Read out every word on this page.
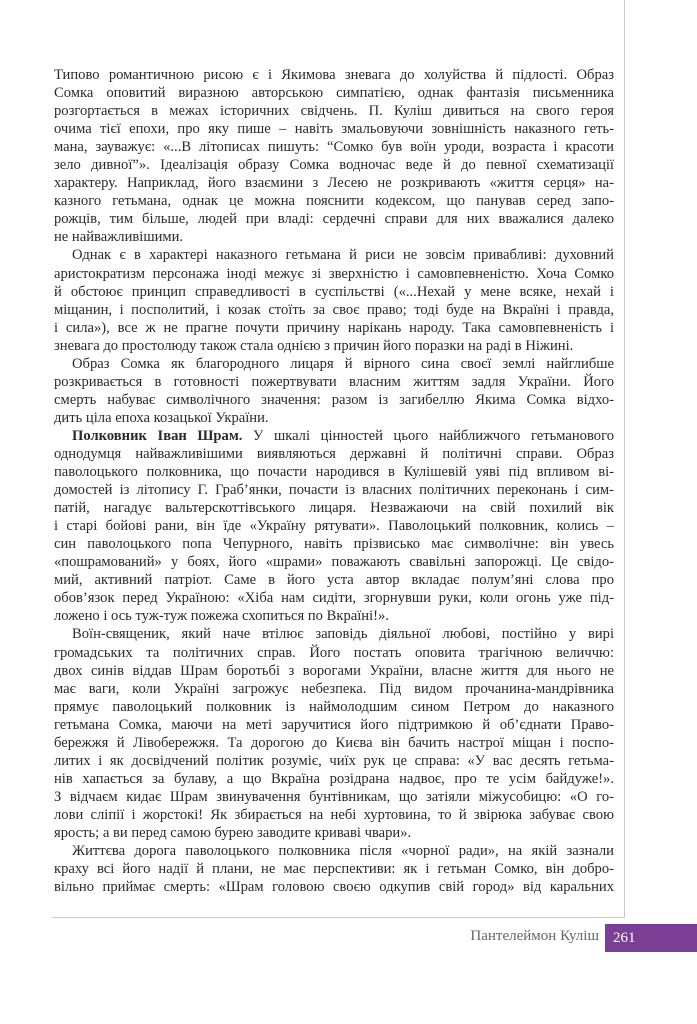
Типово романтичною рисою є і Якимова зневага до холуйства й підлості. Образ
Сомка оповитий виразною авторською симпатією, однак фантазія письменника
розгортається в межах історичних свідчень. П. Куліш дивиться на свого героя
очима тієї епохи, про яку пише – навіть змальовуючи зовнішність наказного геть-
мана, зауважує: «...В літописах пишуть: “Сомко був воїн уроди, возраста і красоти
зело дивної”». Ідеалізація образу Сомка водночас веде й до певної схематизації
характеру. Наприклад, його взаємини з Лесею не розкривають «життя серця» на-
казного гетьмана, однак це можна пояснити кодексом, що панував серед запо-
рожців, тим більше, людей при владі: сердечні справи для них вважалися далеко
не найважливішими.
Однак є в характері наказного гетьмана й риси не зовсім привабливі: духовний
аристократизм персонажа іноді межує зі зверхністю і самовпевненістю. Хоча Сомко
й обстоює принцип справедливості в суспільстві («...Нехай у мене всяке, нехай і
міщанин, і посполитий, і козак стоїть за своє право; тоді буде на Вкраїні і правда,
і сила»), все ж не прагне почути причину нарікань народу. Така самовпевненість і
зневага до простолюду також стала однією з причин його поразки на раді в Ніжині.
Образ Сомка як благородного лицаря й вірного сина своєї землі найглибше
розкривається в готовності пожертвувати власним життям задля України. Його
смерть набуває символічного значення: разом із загибеллю Якима Сомка відхо-
дить ціла епоха козацької України.
Полковник Іван Шрам. У шкалі цінностей цього найближчого гетьманового
однодумця найважливішими виявляються державні й політичні справи. Образ
паволоцького полковника, що почасти народився в Кулішевій уяві під впливом ві-
домостей із літопису Г. Граб’янки, почасти із власних політичних переконань і сим-
патій, нагадує вальтерскоттівського лицаря. Незважаючи на свій похилий вік
і старі бойові рани, він їде «Україну рятувати». Паволоцький полковник, колись –
син паволоцького попа Чепурного, навіть прізвисько має символічне: він увесь
«пошрамований» у боях, його «шрами» поважають свавільні запорожці. Це свідо-
мий, активний патріот. Саме в його уста автор вкладає полум’яні слова про
обов’язок перед Україною: «Хіба нам сидіти, згорнувши руки, коли огонь уже під-
ложено і ось туж-туж пожежа схопиться по Вкраїні!».
Воїн-священик, який наче втілює заповідь діяльної любові, постійно у вирі
громадських та політичних справ. Його постать оповита трагічною величчю:
двох синів віддав Шрам боротьбі з ворогами України, власне життя для нього не
має ваги, коли Україні загрожує небезпека. Під видом прочанина-мандрівника
прямує паволоцький полковник із наймолодшим сином Петром до наказного
гетьмана Сомка, маючи на меті заручитися його підтримкою й об’єднати Право-
бережжя й Лівобережжя. Та дорогою до Києва він бачить настрої міщан і поспо-
литих і як досвідчений політик розуміє, чиїх рук це справа: «У вас десять гетьма-
нів хапається за булаву, а що Вкраїна розідрана надвоє, про те усім байдуже!».
З відчаєм кидає Шрам звинувачення бунтівникам, що затіяли міжусобицю: «О го-
лови сліпії і жорстокі! Як збирається на небі хуртовина, то й звірюка забуває свою
ярость; а ви перед самою бурею заводите криваві чвари».
Життєва дорога паволоцького полковника після «чорної ради», на якій зазнали
краху всі його надії й плани, не має перспективи: як і гетьман Сомко, він добро-
вільно приймає смерть: «Шрам головою своєю одкупив свій город» від каральних
Пантелеймон Куліш 261
